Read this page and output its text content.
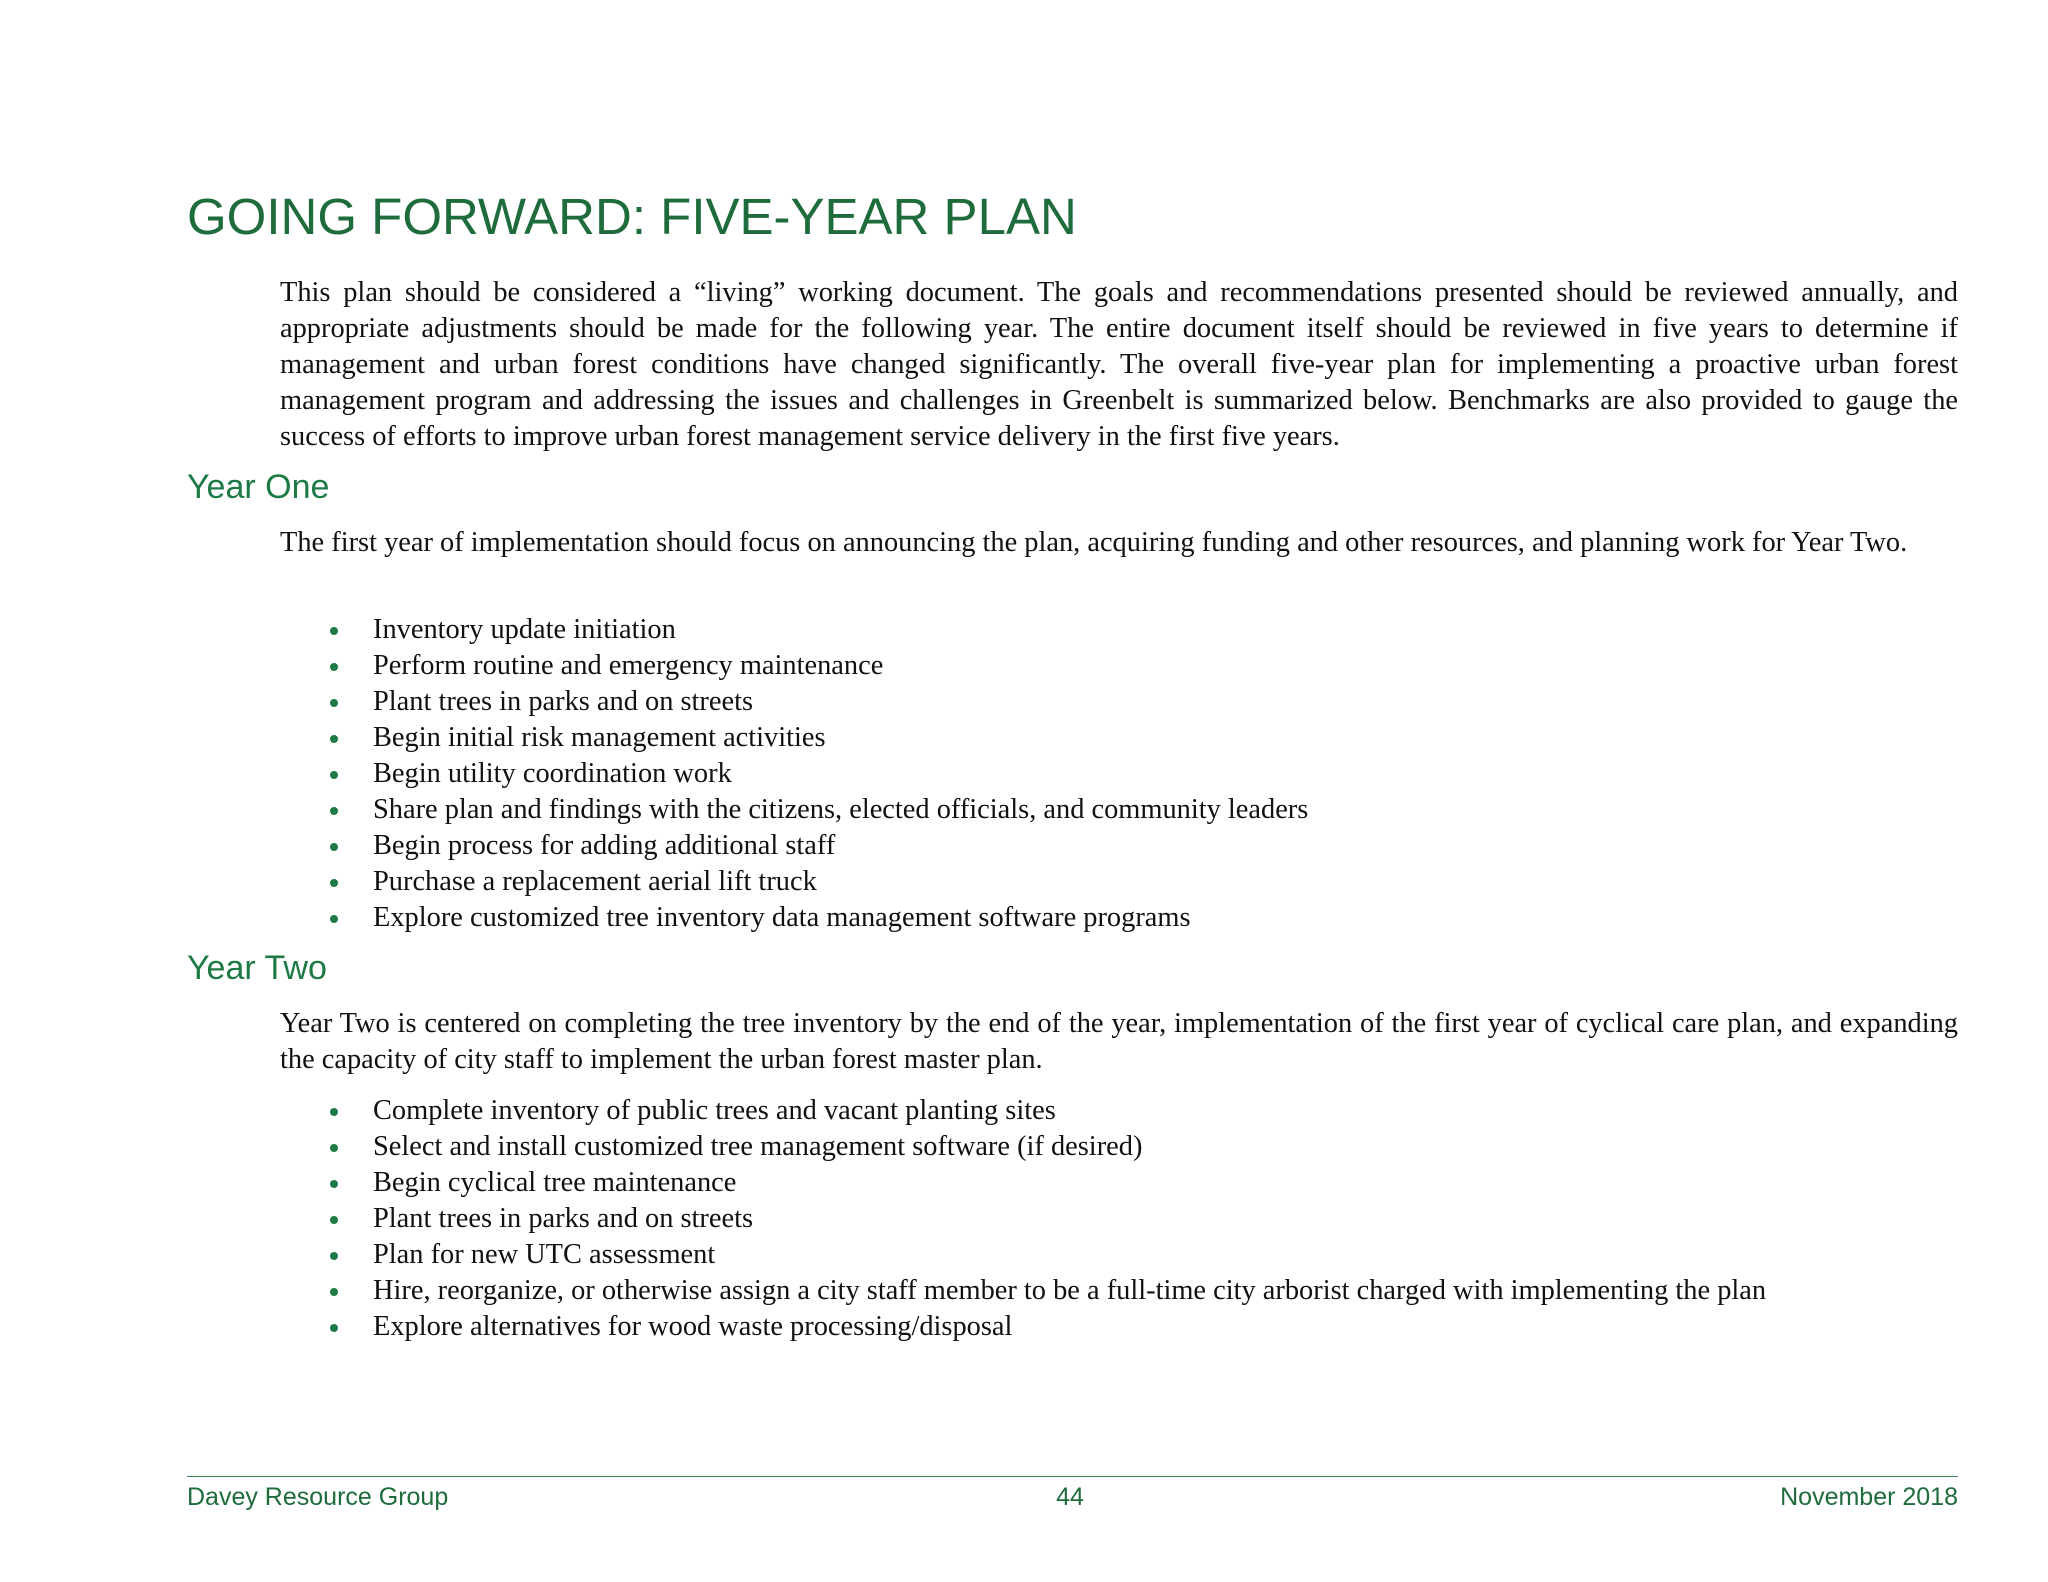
GOING FORWARD: FIVE-YEAR PLAN

This plan should be considered a “living” working document. The goals and recommendations presented should be reviewed annually, and appropriate adjustments should be made for the following year. The entire document itself should be reviewed in five years to determine if management and urban forest conditions have changed significantly. The overall five-year plan for implementing a proactive urban forest management program and addressing the issues and challenges in Greenbelt is summarized below. Benchmarks are also provided to gauge the success of efforts to improve urban forest management service delivery in the first five years.

Year One

The first year of implementation should focus on announcing the plan, acquiring funding and other resources, and planning work for Year Two.

Inventory update initiation
Perform routine and emergency maintenance
Plant trees in parks and on streets
Begin initial risk management activities
Begin utility coordination work
Share plan and findings with the citizens, elected officials, and community leaders
Begin process for adding additional staff
Purchase a replacement aerial lift truck
Explore customized tree inventory data management software programs
Year Two

Year Two is centered on completing the tree inventory by the end of the year, implementation of the first year of cyclical care plan, and expanding the capacity of city staff to implement the urban forest master plan.

Complete inventory of public trees and vacant planting sites
Select and install customized tree management software (if desired)
Begin cyclical tree maintenance
Plant trees in parks and on streets
Plan for new UTC assessment
Hire, reorganize, or otherwise assign a city staff member to be a full-time city arborist charged with implementing the plan
Explore alternatives for wood waste processing/disposal

Davey Resource Group	44	November 2018
